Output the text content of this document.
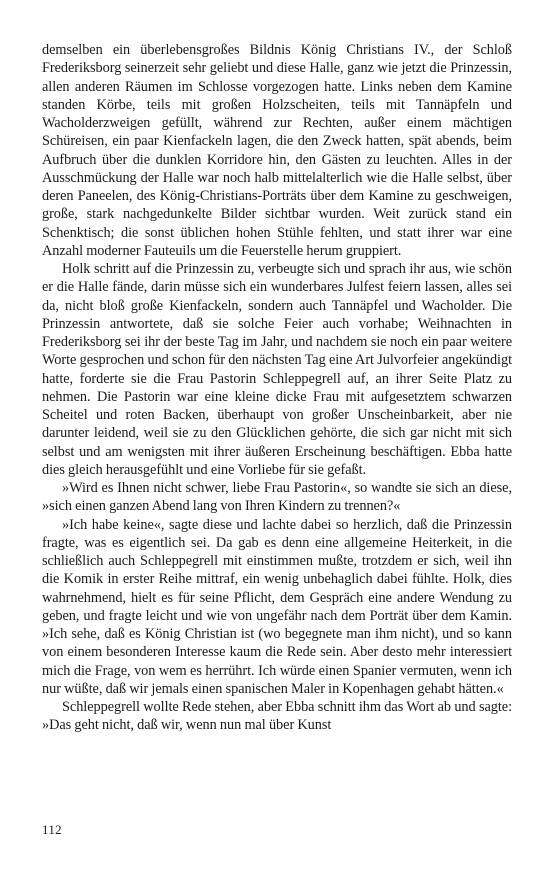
demselben ein überlebensgroßes Bildnis König Christians IV., der Schloß Frederiksborg seinerzeit sehr geliebt und diese Halle, ganz wie jetzt die Prinzessin, allen anderen Räumen im Schlosse vorgezogen hatte. Links neben dem Kamine standen Körbe, teils mit großen Holzscheiten, teils mit Tannäpfeln und Wacholderzweigen gefüllt, während zur Rechten, außer einem mächtigen Schüreisen, ein paar Kienfackeln lagen, die den Zweck hatten, spät abends, beim Aufbruch über die dunklen Korridore hin, den Gästen zu leuchten. Alles in der Ausschmückung der Halle war noch halb mittelalterlich wie die Halle selbst, über deren Paneelen, des König-Christians-Porträts über dem Kamine zu geschweigen, große, stark nachgedunkelte Bilder sichtbar wurden. Weit zurück stand ein Schenktisch; die sonst üblichen hohen Stühle fehlten, und statt ihrer war eine Anzahl moderner Fauteuils um die Feuerstelle herum gruppiert.

Holk schritt auf die Prinzessin zu, verbeugte sich und sprach ihr aus, wie schön er die Halle fände, darin müsse sich ein wunderbares Julfest feiern lassen, alles sei da, nicht bloß große Kienfackeln, sondern auch Tannäpfel und Wacholder. Die Prinzessin antwortete, daß sie solche Feier auch vorhabe; Weihnachten in Frederiksborg sei ihr der beste Tag im Jahr, und nachdem sie noch ein paar weitere Worte gesprochen und schon für den nächsten Tag eine Art Julvorfeier angekündigt hatte, forderte sie die Frau Pastorin Schleppegrell auf, an ihrer Seite Platz zu nehmen. Die Pastorin war eine kleine dicke Frau mit aufgesetztem schwarzen Scheitel und roten Backen, überhaupt von großer Unscheinbarkeit, aber nie darunter leidend, weil sie zu den Glücklichen gehörte, die sich gar nicht mit sich selbst und am wenigsten mit ihrer äußeren Erscheinung beschäftigen. Ebba hatte dies gleich herausgefühlt und eine Vorliebe für sie gefaßt.

»Wird es Ihnen nicht schwer, liebe Frau Pastorin«, so wandte sie sich an diese, »sich einen ganzen Abend lang von Ihren Kindern zu trennen?«

»Ich habe keine«, sagte diese und lachte dabei so herzlich, daß die Prinzessin fragte, was es eigentlich sei. Da gab es denn eine allgemeine Heiterkeit, in die schließlich auch Schleppegrell mit einstimmen mußte, trotzdem er sich, weil ihn die Komik in erster Reihe mittraf, ein wenig unbehaglich dabei fühlte. Holk, dies wahrnehmend, hielt es für seine Pflicht, dem Gespräch eine andere Wendung zu geben, und fragte leicht und wie von ungefähr nach dem Porträt über dem Kamin. »Ich sehe, daß es König Christian ist (wo begegnete man ihm nicht), und so kann von einem besonderen Interesse kaum die Rede sein. Aber desto mehr interessiert mich die Frage, von wem es herrührt. Ich würde einen Spanier vermuten, wenn ich nur wüßte, daß wir jemals einen spanischen Maler in Kopenhagen gehabt hätten.«

Schleppegrell wollte Rede stehen, aber Ebba schnitt ihm das Wort ab und sagte: »Das geht nicht, daß wir, wenn nun mal über Kunst

112
